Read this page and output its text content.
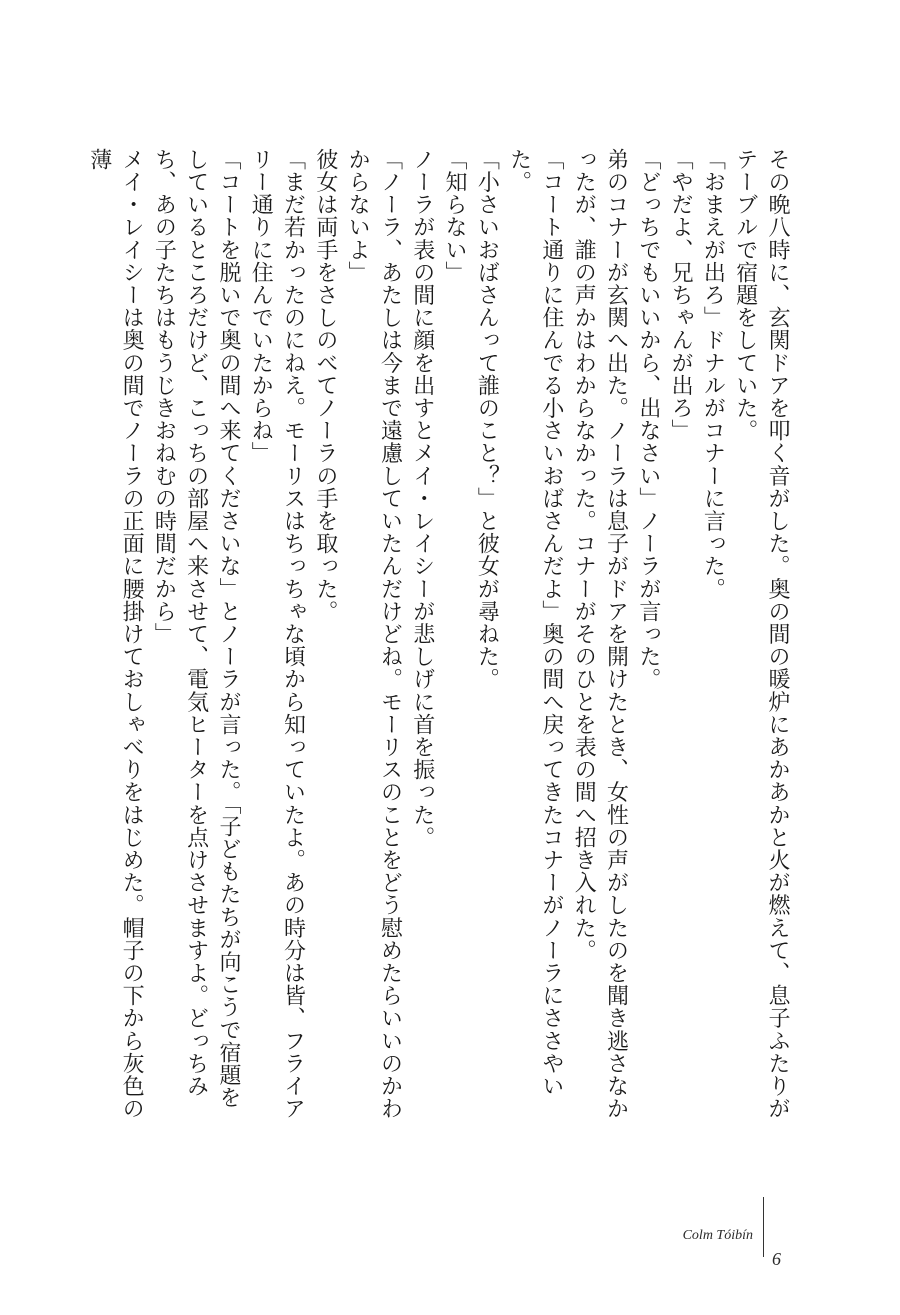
その晩八時に、玄関ドアを叩く音がした。奥の間の暖炉にあかあかと火が燃えて、息子ふたりがテーブルで宿題をしていた。

「おまえが出ろ」ドナルがコナーに言った。

「やだよ、兄ちゃんが出ろ」

「どっちでもいいから、出なさい」ノーラが言った。

弟のコナーが玄関へ出た。ノーラは息子がドアを開けたとき、女性の声がしたのを聞き逃さなかったが、誰の声かはわからなかった。コナーがそのひとを表の間へ招き入れた。

「コート通りに住んでる小さいおばさんだよ」奥の間へ戻ってきたコナーがノーラにささやいた。

「小さいおばさんって誰のこと？」と彼女が尋ねた。

「知らない」

ノーラが表の間に顔を出すとメイ・レイシーが悲しげに首を振った。

「ノーラ、あたしは今まで遠慮していたんだけどね。モーリスのことをどう慰めたらいいのかわからないよ」

彼女は両手をさしのべてノーラの手を取った。

「まだ若かったのにねえ。モーリスはちっちゃな頃から知っていたよ。あの時分は皆、フライアリー通りに住んでいたからね」

「コートを脱いで奥の間へ来てくださいな」とノーラが言った。「子どもたちが向こうで宿題をしているところだけど、こっちの部屋へ来させて、電気ヒーターを点けさせますよ。どっちみち、あの子たちはもうじきおねむの時間だから」

メイ・レイシーは奥の間でノーラの正面に腰掛けておしゃべりをはじめた。帽子の下から灰色の薄

Colm Tóibín
6
